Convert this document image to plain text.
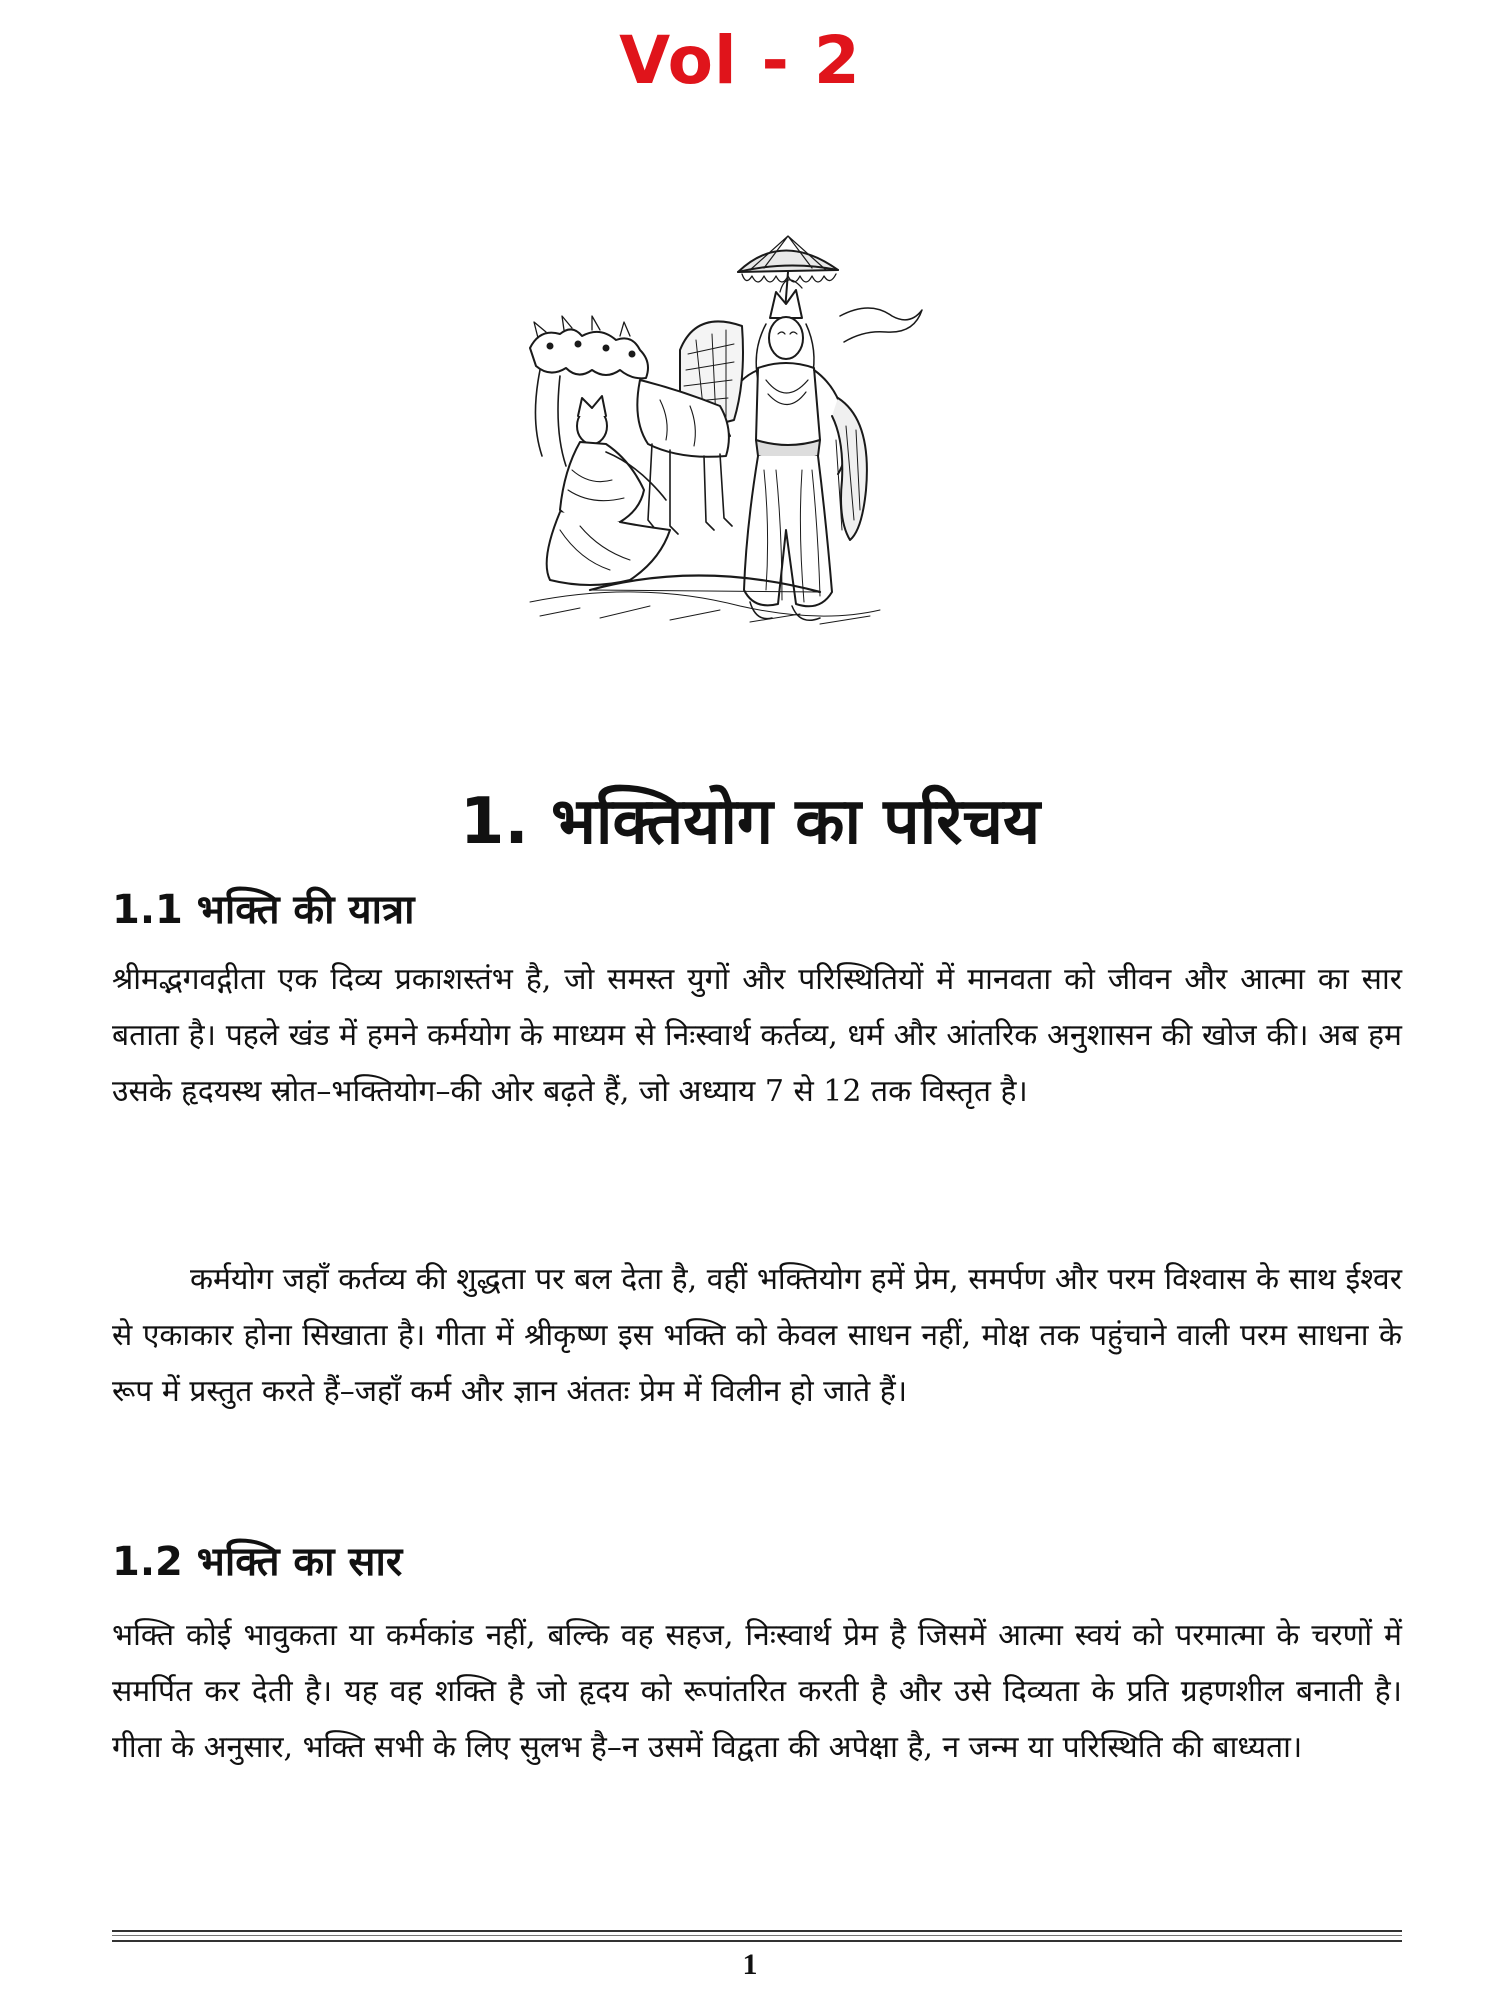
Vol - 2
1. भक्तियोग का परिचय
1.1 भक्ति की यात्रा

श्रीमद्भगवद्गीता एक दिव्य प्रकाशस्तंभ है, जो समस्त युगों और परिस्थितियों में मानवता को जीवन और आत्मा का सार बताता है। पहले खंड में हमने कर्मयोग के माध्यम से निःस्वार्थ कर्तव्य, धर्म और आंतरिक अनुशासन की खोज की। अब हम उसके हृदयस्थ स्रोत–भक्तियोग–की ओर बढ़ते हैं, जो अध्याय 7 से 12 तक विस्तृत है।

कर्मयोग जहाँ कर्तव्य की शुद्धता पर बल देता है, वहीं भक्तियोग हमें प्रेम, समर्पण और परम विश्वास के साथ ईश्वर से एकाकार होना सिखाता है। गीता में श्रीकृष्ण इस भक्ति को केवल साधन नहीं, मोक्ष तक पहुंचाने वाली परम साधना के रूप में प्रस्तुत करते हैं–जहाँ कर्म और ज्ञान अंततः प्रेम में विलीन हो जाते हैं।

1.2 भक्ति का सार

भक्ति कोई भावुकता या कर्मकांड नहीं, बल्कि वह सहज, निःस्वार्थ प्रेम है जिसमें आत्मा स्वयं को परमात्मा के चरणों में समर्पित कर देती है। यह वह शक्ति है जो हृदय को रूपांतरित करती है और उसे दिव्यता के प्रति ग्रहणशील बनाती है। गीता के अनुसार, भक्ति सभी के लिए सुलभ है–न उसमें विद्वता की अपेक्षा है, न जन्म या परिस्थिति की बाध्यता।

1
